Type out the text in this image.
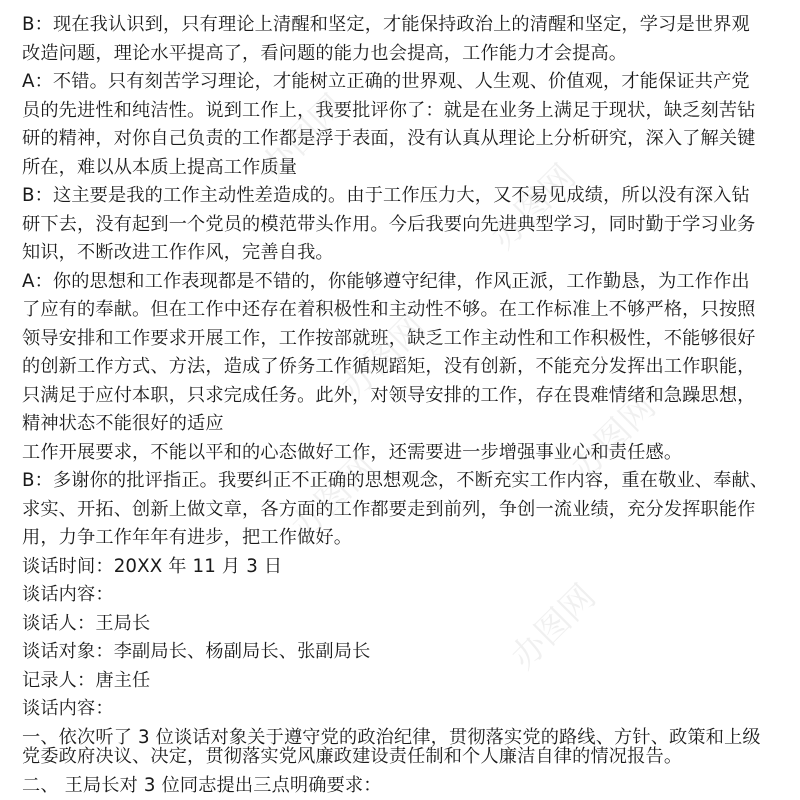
B：现在我认识到，只有理论上清醒和坚定，才能保持政治上的清醒和坚定，学习是世界观
改造问题，理论水平提高了，看问题的能力也会提高，工作能力才会提高。
A：不错。只有刻苦学习理论，才能树立正确的世界观、人生观、价值观，才能保证共产党
员的先进性和纯洁性。说到工作上，我要批评你了：就是在业务上满足于现状，缺乏刻苦钻
研的精神，对你自己负责的工作都是浮于表面，没有认真从理论上分析研究，深入了解关键
所在，难以从本质上提高工作质量
B：这主要是我的工作主动性差造成的。由于工作压力大，又不易见成绩，所以没有深入钻
研下去，没有起到一个党员的模范带头作用。今后我要向先进典型学习，同时勤于学习业务
知识，不断改进工作作风，完善自我。
A：你的思想和工作表现都是不错的，你能够遵守纪律，作风正派，工作勤恳，为工作作出
了应有的奉献。但在工作中还存在着积极性和主动性不够。在工作标准上不够严格，只按照
领导安排和工作要求开展工作，工作按部就班，缺乏工作主动性和工作积极性，不能够很好
的创新工作方式、方法，造成了侨务工作循规蹈矩，没有创新，不能充分发挥出工作职能，
只满足于应付本职，只求完成任务。此外，对领导安排的工作，存在畏难情绪和急躁思想，
精神状态不能很好的适应
工作开展要求，不能以平和的心态做好工作，还需要进一步增强事业心和责任感。
B：多谢你的批评指正。我要纠正不正确的思想观念，不断充实工作内容，重在敬业、奉献、
求实、开拓、创新上做文章，各方面的工作都要走到前列，争创一流业绩，充分发挥职能作
用，力争工作年年有进步，把工作做好。
谈话时间：20XX 年 11 月 3 日
谈话内容：
谈话人：王局长
谈话对象：李副局长、杨副局长、张副局长
记录人：唐主任
谈话内容：
一、依次听了 3 位谈话对象关于遵守党的政治纪律，贯彻落实党的路线、方针、政策和上级
党委政府决议、决定，贯彻落实党风廉政建设责任制和个人廉洁自律的情况报告。
二、 王局长对 3 位同志提出三点明确要求：
办图网
办图网
办图网
办图网
办图网
办图网
